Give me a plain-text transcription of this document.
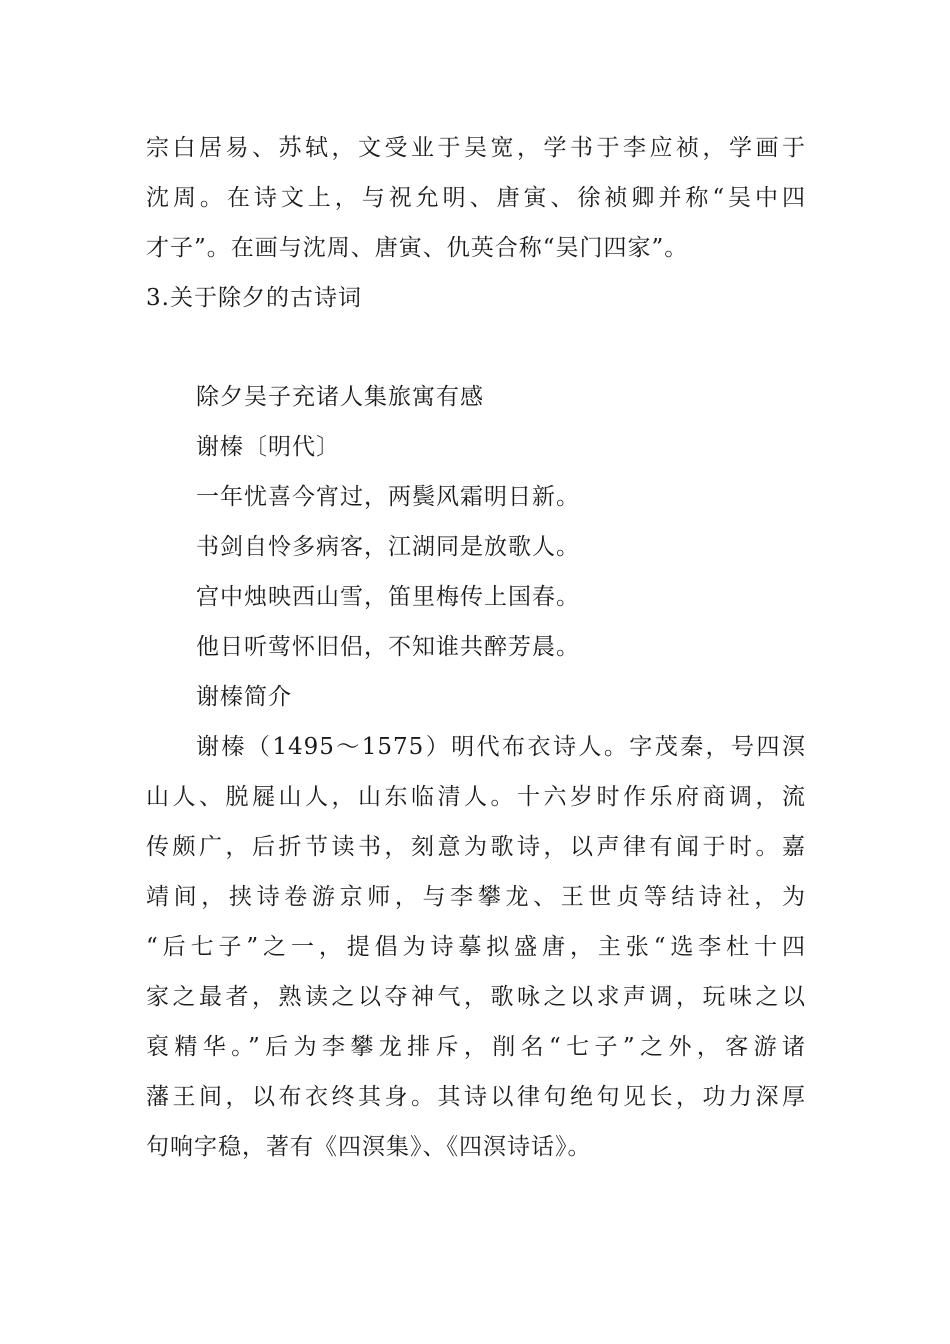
宗白居易、苏轼，文受业于吴宽，学书于李应祯，学画于
沈周。在诗文上，与祝允明、唐寅、徐祯卿并称“吴中四
才子”。在画与沈周、唐寅、仇英合称“吴门四家”。
3.关于除夕的古诗词
除夕吴子充诸人集旅寓有感
谢榛〔明代〕
一年忧喜今宵过，两鬓风霜明日新。
书剑自怜多病客，江湖同是放歌人。
宫中烛映西山雪，笛里梅传上国春。
他日听莺怀旧侣，不知谁共醉芳晨。
谢榛简介
谢榛（1495～1575）明代布衣诗人。字茂秦，号四溟
山人、脱屣山人，山东临清人。十六岁时作乐府商调，流
传颇广，后折节读书，刻意为歌诗，以声律有闻于时。嘉
靖间，挟诗卷游京师，与李攀龙、王世贞等结诗社，为
“后七子”之一，提倡为诗摹拟盛唐，主张“选李杜十四
家之最者，熟读之以夺神气，歌咏之以求声调，玩味之以
裒精华。”后为李攀龙排斥，削名“七子”之外，客游诸
藩王间，以布衣终其身。其诗以律句绝句见长，功力深厚
句响字稳，著有《四溟集》、《四溟诗话》。
